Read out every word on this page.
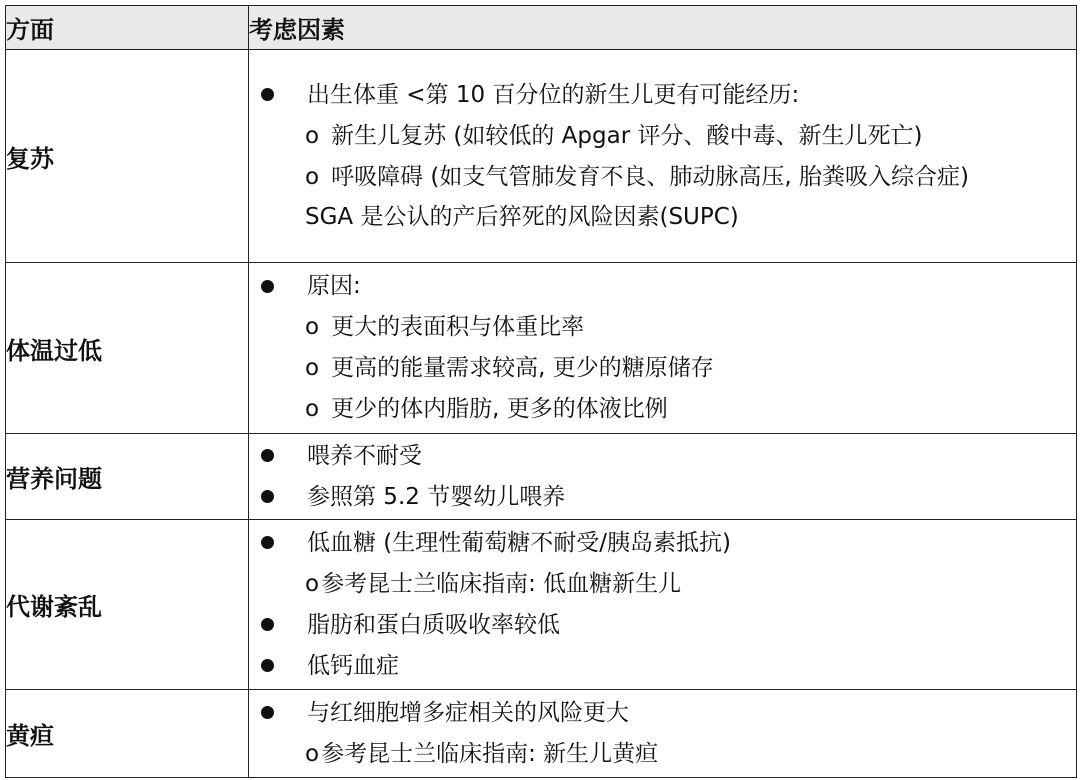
方面	考虑因素
复苏	出生体重 <第 10 百分位的新生儿更有可能经历:
o 新生儿复苏 (如较低的 Apgar 评分、酸中毒、新生儿死亡)
o 呼吸障碍 (如支气管肺发育不良、肺动脉高压, 胎粪吸入综合症)
SGA 是公认的产后猝死的风险因素(SUPC)

体温过低	原因:
o 更大的表面积与体重比率
o 更高的能量需求较高, 更少的糖原储存
o 更少的体内脂肪, 更多的体液比例

营养问题	喂养不耐受
参照第 5.2 节婴幼儿喂养

代谢紊乱	低血糖 (生理性葡萄糖不耐受/胰岛素抵抗)
o参考昆士兰临床指南: 低血糖新生儿
脂肪和蛋白质吸收率较低
低钙血症

黄疸	与红细胞增多症相关的风险更大
o参考昆士兰临床指南: 新生儿黄疸
